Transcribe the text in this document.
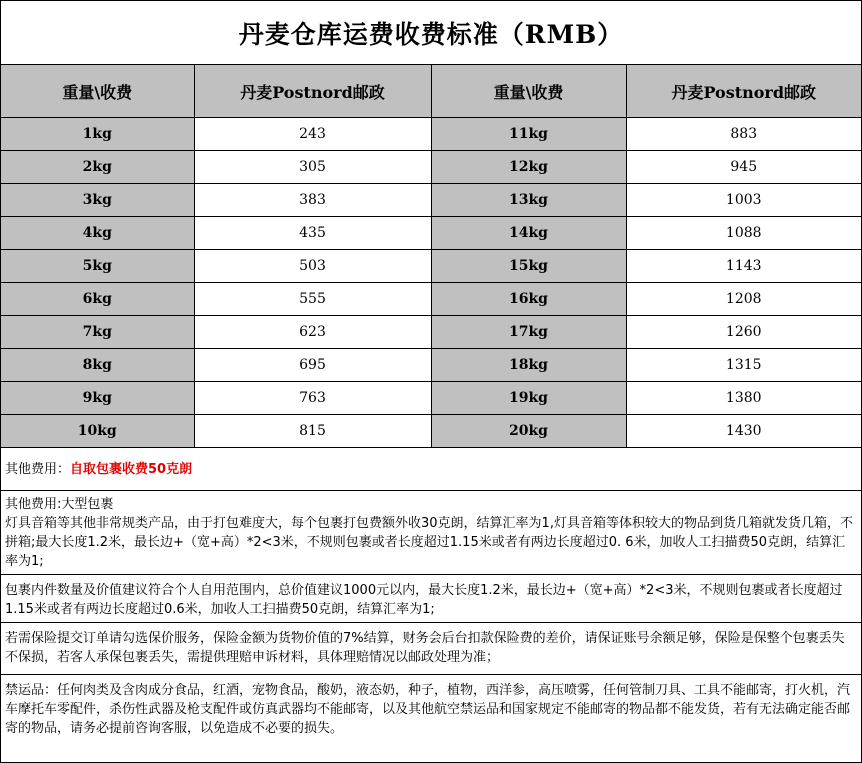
丹麦仓库运费收费标准（RMB）
重量\收费	丹麦Postnord邮政	重量\收费	丹麦Postnord邮政
1kg	243	11kg	883
2kg	305	12kg	945
3kg	383	13kg	1003
4kg	435	14kg	1088
5kg	503	15kg	1143
6kg	555	16kg	1208
7kg	623	17kg	1260
8kg	695	18kg	1315
9kg	763	19kg	1380
10kg	815	20kg	1430
其他费用： 自取包裹收费50克朗
其他费用:大型包裹
灯具音箱等其他非常规类产品，由于打包难度大，每个包裹打包费额外收30克朗，结算汇率为1,灯具音箱等体积较大的物品到货几箱就发货几箱，不拼箱;最大长度1.2米，最长边+（宽+高）*2<3米，不规则包裹或者长度超过1.15米或者有两边长度超过0. 6米，加收人工扫描费50克朗，结算汇率为1;
包裹内件数量及价值建议符合个人自用范围内，总价值建议1000元以内，最大长度1.2米，最长边+（宽+高）*2<3米，不规则包裹或者长度超过1.15米或者有两边长度超过0.6米，加收人工扫描费50克朗，结算汇率为1;
若需保险提交订单请勾选保价服务，保险金额为货物价值的7%结算，财务会后台扣款保险费的差价，请保证账号余额足够，保险是保整个包裹丢失不保损，若客人承保包裹丢失，需提供理赔申诉材料，具体理赔情况以邮政处理为准；
禁运品：任何肉类及含肉成分食品，红酒，宠物食品，酸奶，液态奶，种子，植物，西洋参，高压喷雾，任何管制刀具、工具不能邮寄，打火机，汽车摩托车零配件，杀伤性武器及枪支配件或仿真武器均不能邮寄，以及其他航空禁运品和国家规定不能邮寄的物品都不能发货，若有无法确定能否邮寄的物品，请务必提前咨询客服，以免造成不必要的损失。
